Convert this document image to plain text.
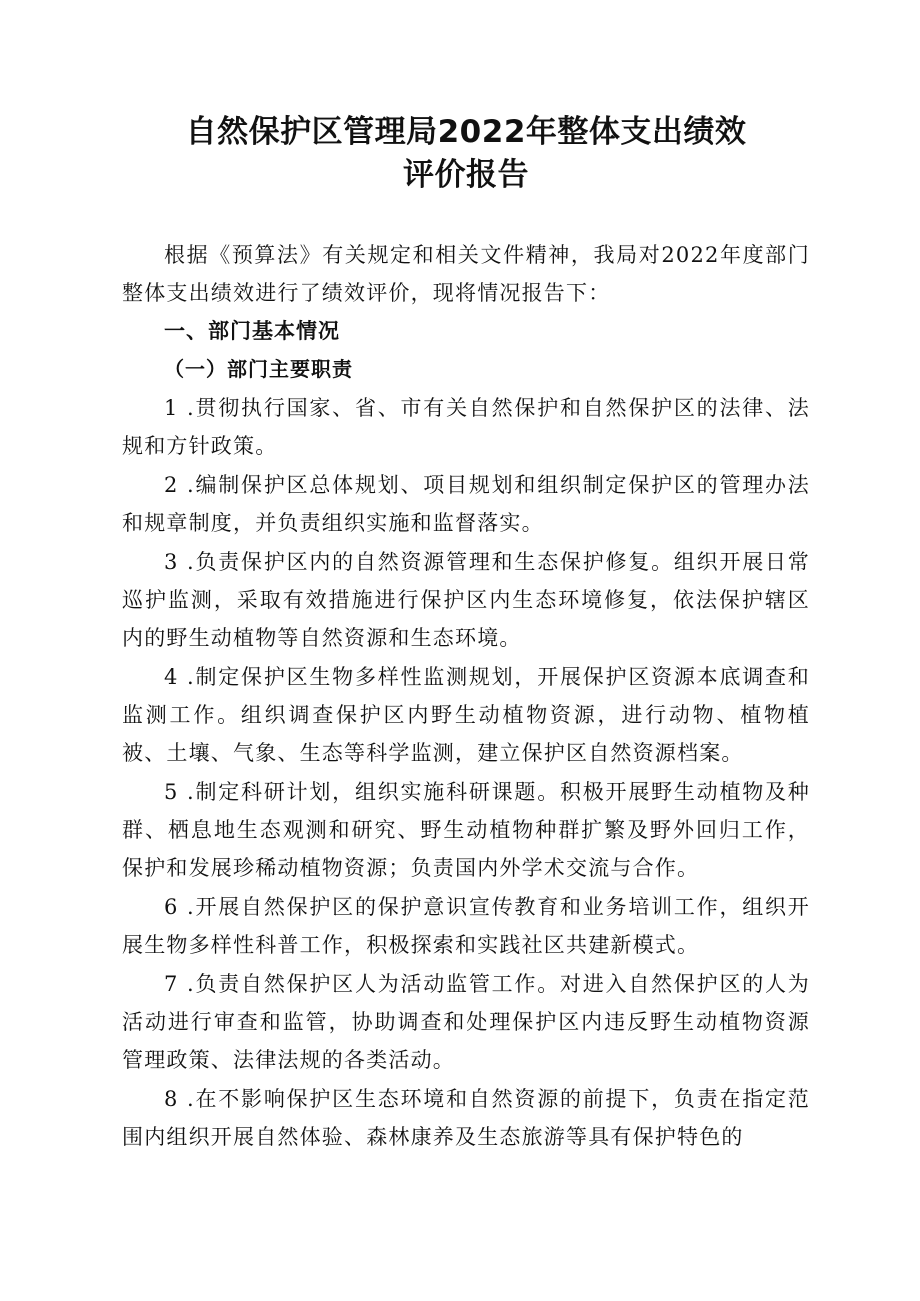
自然保护区管理局2022年整体支出绩效
评价报告

根据《预算法》有关规定和相关文件精神，我局对2022年度部门整体支出绩效进行了绩效评价，现将情况报告下：

一、部门基本情况

（一）部门主要职责

1 .贯彻执行国家、省、市有关自然保护和自然保护区的法律、法规和方针政策。

2 .编制保护区总体规划、项目规划和组织制定保护区的管理办法和规章制度，并负责组织实施和监督落实。

3 .负责保护区内的自然资源管理和生态保护修复。组织开展日常巡护监测，采取有效措施进行保护区内生态环境修复，依法保护辖区内的野生动植物等自然资源和生态环境。

4 .制定保护区生物多样性监测规划，开展保护区资源本底调查和监测工作。组织调查保护区内野生动植物资源，进行动物、植物植被、土壤、气象、生态等科学监测，建立保护区自然资源档案。

5 .制定科研计划，组织实施科研课题。积极开展野生动植物及种群、栖息地生态观测和研究、野生动植物种群扩繁及野外回归工作，保护和发展珍稀动植物资源；负责国内外学术交流与合作。

6 .开展自然保护区的保护意识宣传教育和业务培训工作，组织开展生物多样性科普工作，积极探索和实践社区共建新模式。

7 .负责自然保护区人为活动监管工作。对进入自然保护区的人为活动进行审查和监管，协助调查和处理保护区内违反野生动植物资源管理政策、法律法规的各类活动。

8 .在不影响保护区生态环境和自然资源的前提下，负责在指定范围内组织开展自然体验、森林康养及生态旅游等具有保护特色的
